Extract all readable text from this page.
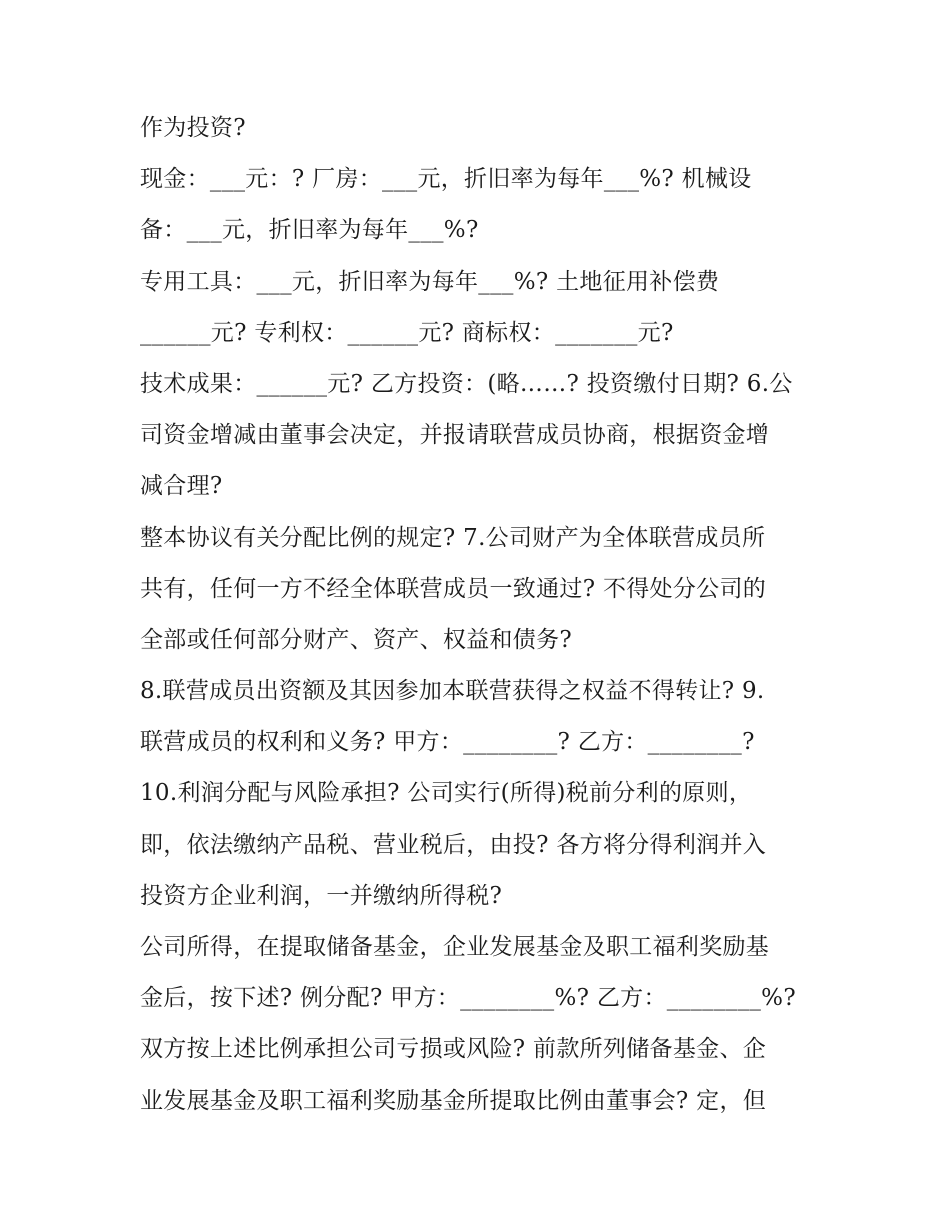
作为投资?
现金：___元：? 厂房：___元，折旧率为每年___%? 机械设
备：___元，折旧率为每年___%?
专用工具：___元，折旧率为每年___%? 土地征用补偿费
______元? 专利权：______元? 商标权：_______元?
技术成果：______元? 乙方投资：(略……? 投资缴付日期? 6.公
司资金增减由董事会决定，并报请联营成员协商，根据资金增
减合理?
整本协议有关分配比例的规定? 7.公司财产为全体联营成员所
共有，任何一方不经全体联营成员一致通过? 不得处分公司的
全部或任何部分财产、资产、权益和债务?
8.联营成员出资额及其因参加本联营获得之权益不得转让? 9.
联营成员的权利和义务? 甲方：________? 乙方：________?
10.利润分配与风险承担? 公司实行(所得)税前分利的原则，
即，依法缴纳产品税、营业税后，由投? 各方将分得利润并入
投资方企业利润，一并缴纳所得税?
公司所得，在提取储备基金，企业发展基金及职工福利奖励基
金后，按下述? 例分配? 甲方：________%? 乙方：________%?
双方按上述比例承担公司亏损或风险? 前款所列储备基金、企
业发展基金及职工福利奖励基金所提取比例由董事会? 定，但
